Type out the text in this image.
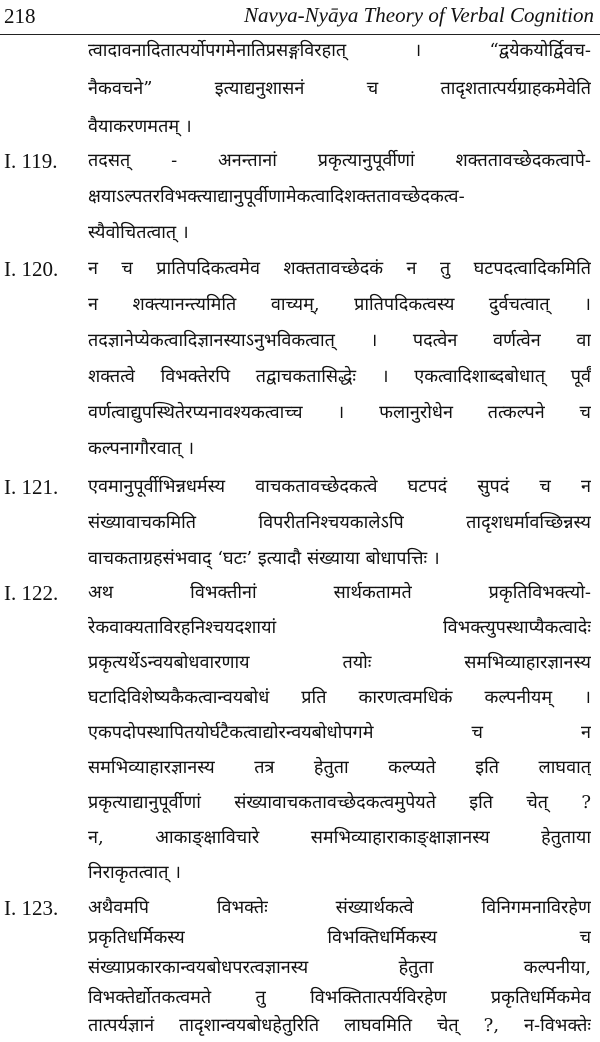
218	Navya-Nyāya Theory of Verbal Cognition
त्वादावनादितात्पर्योपगमेनातिप्रसङ्गविरहात् । “द्वयेकयोर्द्विवच-
नैकवचने” इत्याद्यनुशासनं च तादृशतात्पर्यग्राहकमेवेति
वैयाकरणमतम् ।
I. 119. तदसत् - अनन्तानां प्रकृत्यानुपूर्वीणां शक्ततावच्छेदकत्वापे-
क्षयाऽल्पतरविभक्त्याद्यानुपूर्वीणामेकत्वादिशक्ततावच्छेदकत्व-
स्यैवोचितत्वात् ।
I. 120. न च प्रातिपदिकत्वमेव शक्ततावच्छेदकं न तु घटपदत्वादिकमिति
न शक्त्यानन्त्यमिति वाच्यम्, प्रातिपदिकत्वस्य दुर्वचत्वात् ।
तदज्ञानेप्येकत्वादिज्ञानस्याऽनुभविकत्वात् । पदत्वेन वर्णत्वेन वा
शक्तत्वे विभक्तेरपि तद्वाचकतासिद्धेः । एकत्वादिशाब्दबोधात् पूर्वं
वर्णत्वाद्युपस्थितेरप्यनावश्यकत्वाच्च । फलानुरोधेन तत्कल्पने च
कल्पनागौरवात् ।
I. 121. एवमानुपूर्वीभिन्नधर्मस्य वाचकतावच्छेदकत्वे घटपदं सुपदं च न
संख्यावाचकमिति विपरीतनिश्चयकालेऽपि तादृशधर्मावच्छिन्नस्य
वाचकताग्रहसंभवाद् ‘घटः’ इत्यादौ संख्याया बोधापत्तिः ।
I. 122. अथ विभक्तीनां सार्थकतामते प्रकृतिविभक्त्यो-
रेकवाक्यताविरहनिश्चयदशायां विभक्त्युपस्थाप्यैकत्वादेः
प्रकृत्यर्थेऽन्वयबोधवारणाय तयोः समभिव्याहारज्ञानस्य
घटादिविशेष्यकैकत्वान्वयबोधं प्रति कारणत्वमधिकं कल्पनीयम् ।
एकपदोपस्थापितयोर्घटैकत्वाद्योरन्वयबोधोपगमे च न
समभिव्याहारज्ञानस्य तत्र हेतुता कल्प्यते इति लाघवात्
प्रकृत्याद्यानुपूर्वीणां संख्यावाचकतावच्छेदकत्वमुपेयते इति चेत् ?
न, आकाङ्क्षाविचारे समभिव्याहाराकाङ्क्षाज्ञानस्य हेतुताया
निराकृतत्वात् ।
I. 123. अथैवमपि विभक्तेः संख्यार्थकत्वे विनिगमनाविरहेण
प्रकृतिधर्मिकस्य विभक्तिधर्मिकस्य च
संख्याप्रकारकान्वयबोधपरत्वज्ञानस्य हेतुता कल्पनीया,
विभक्तेर्द्योतकत्वमते तु विभक्तितात्पर्यविरहेण प्रकृतिधर्मिकमेव
तात्पर्यज्ञानं तादृशान्वयबोधहेतुरिति लाघवमिति चेत् ?, न-विभक्तेः
